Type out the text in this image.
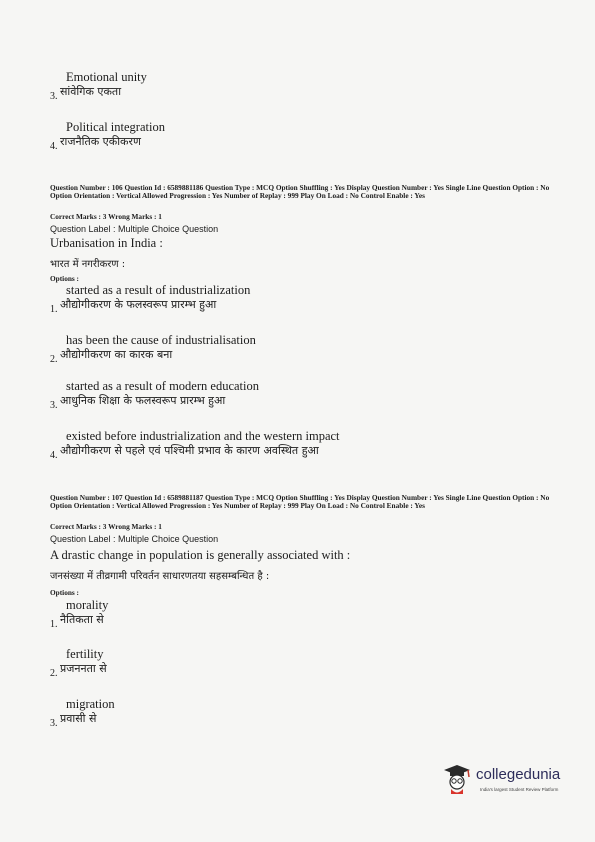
Emotional unity
3. सांवेगिक एकता
Political integration
4. राजनैतिक एकीकरण
Question Number : 106 Question Id : 6589881186 Question Type : MCQ Option Shuffling : Yes Display Question Number : Yes Single Line Question Option : No Option Orientation : Vertical Allowed Progression : Yes Number of Replay : 999 Play On Load : No Control Enable : Yes
Correct Marks : 3 Wrong Marks : 1
Question Label : Multiple Choice Question
Urbanisation in India :
भारत में नगरीकरण :
Options :
started as a result of industrialization
1. औद्योगीकरण के फलस्वरूप प्रारम्भ हुआ
has been the cause of industrialisation
2. औद्योगीकरण का कारक बना
started as a result of modern education
3. आधुनिक शिक्षा के फलस्वरूप प्रारम्भ हुआ
existed before industrialization and the western impact
4. औद्योगीकरण से पहले एवं पश्चिमी प्रभाव के कारण अवस्थित हुआ
Question Number : 107 Question Id : 6589881187 Question Type : MCQ Option Shuffling : Yes Display Question Number : Yes Single Line Question Option : No Option Orientation : Vertical Allowed Progression : Yes Number of Replay : 999 Play On Load : No Control Enable : Yes
Correct Marks : 3 Wrong Marks : 1
Question Label : Multiple Choice Question
A drastic change in population is generally associated with :
जनसंख्या में तीव्रगामी परिवर्तन साधारणतया सहसम्बन्धित है :
Options :
morality
1. नैतिकता से
fertility
2. प्रजननता से
migration
3. प्रवासी से
collegedunia
India's largest Student Review Platform
